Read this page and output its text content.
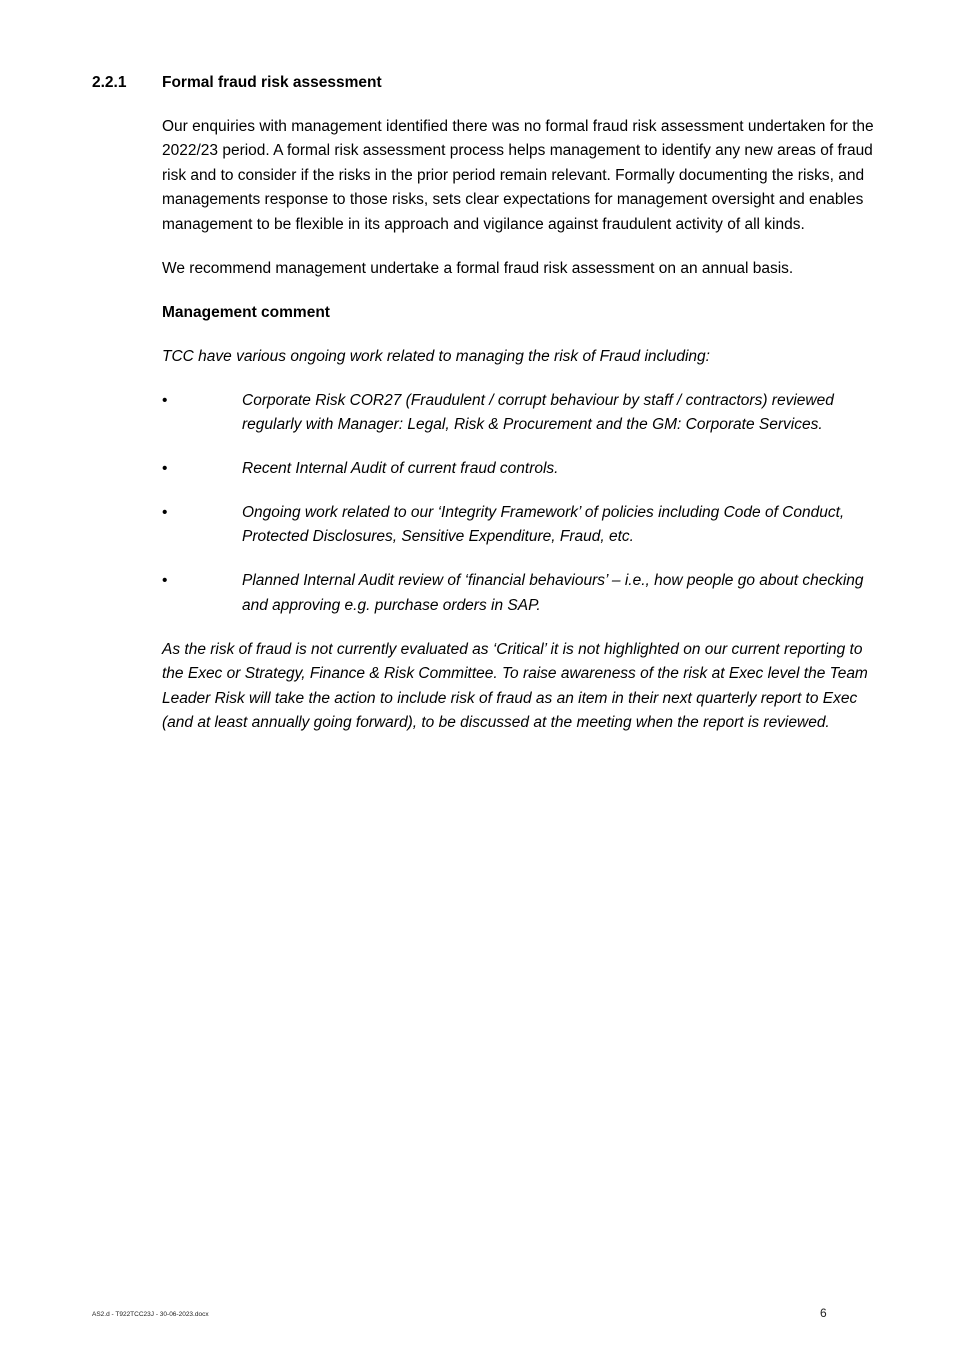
2.2.1	Formal fraud risk assessment

Our enquiries with management identified there was no formal fraud risk assessment undertaken for the 2022/23 period. A formal risk assessment process helps management to identify any new areas of fraud risk and to consider if the risks in the prior period remain relevant. Formally documenting the risks, and managements response to those risks, sets clear expectations for management oversight and enables management to be flexible in its approach and vigilance against fraudulent activity of all kinds.

We recommend management undertake a formal fraud risk assessment on an annual basis.

Management comment

TCC have various ongoing work related to managing the risk of Fraud including:

•	Corporate Risk COR27 (Fraudulent / corrupt behaviour by staff / contractors) reviewed regularly with Manager: Legal, Risk & Procurement and the GM: Corporate Services.
•	Recent Internal Audit of current fraud controls.
•	Ongoing work related to our ‘Integrity Framework’ of policies including Code of Conduct, Protected Disclosures, Sensitive Expenditure, Fraud, etc.
•	Planned Internal Audit review of ‘financial behaviours’ – i.e., how people go about checking and approving e.g. purchase orders in SAP.

As the risk of fraud is not currently evaluated as ‘Critical’ it is not highlighted on our current reporting to the Exec or Strategy, Finance & Risk Committee. To raise awareness of the risk at Exec level the Team Leader Risk will take the action to include risk of fraud as an item in their next quarterly report to Exec (and at least annually going forward), to be discussed at the meeting when the report is reviewed.

AS2.d - T922TCC23J - 30-06-2023.docx	6
